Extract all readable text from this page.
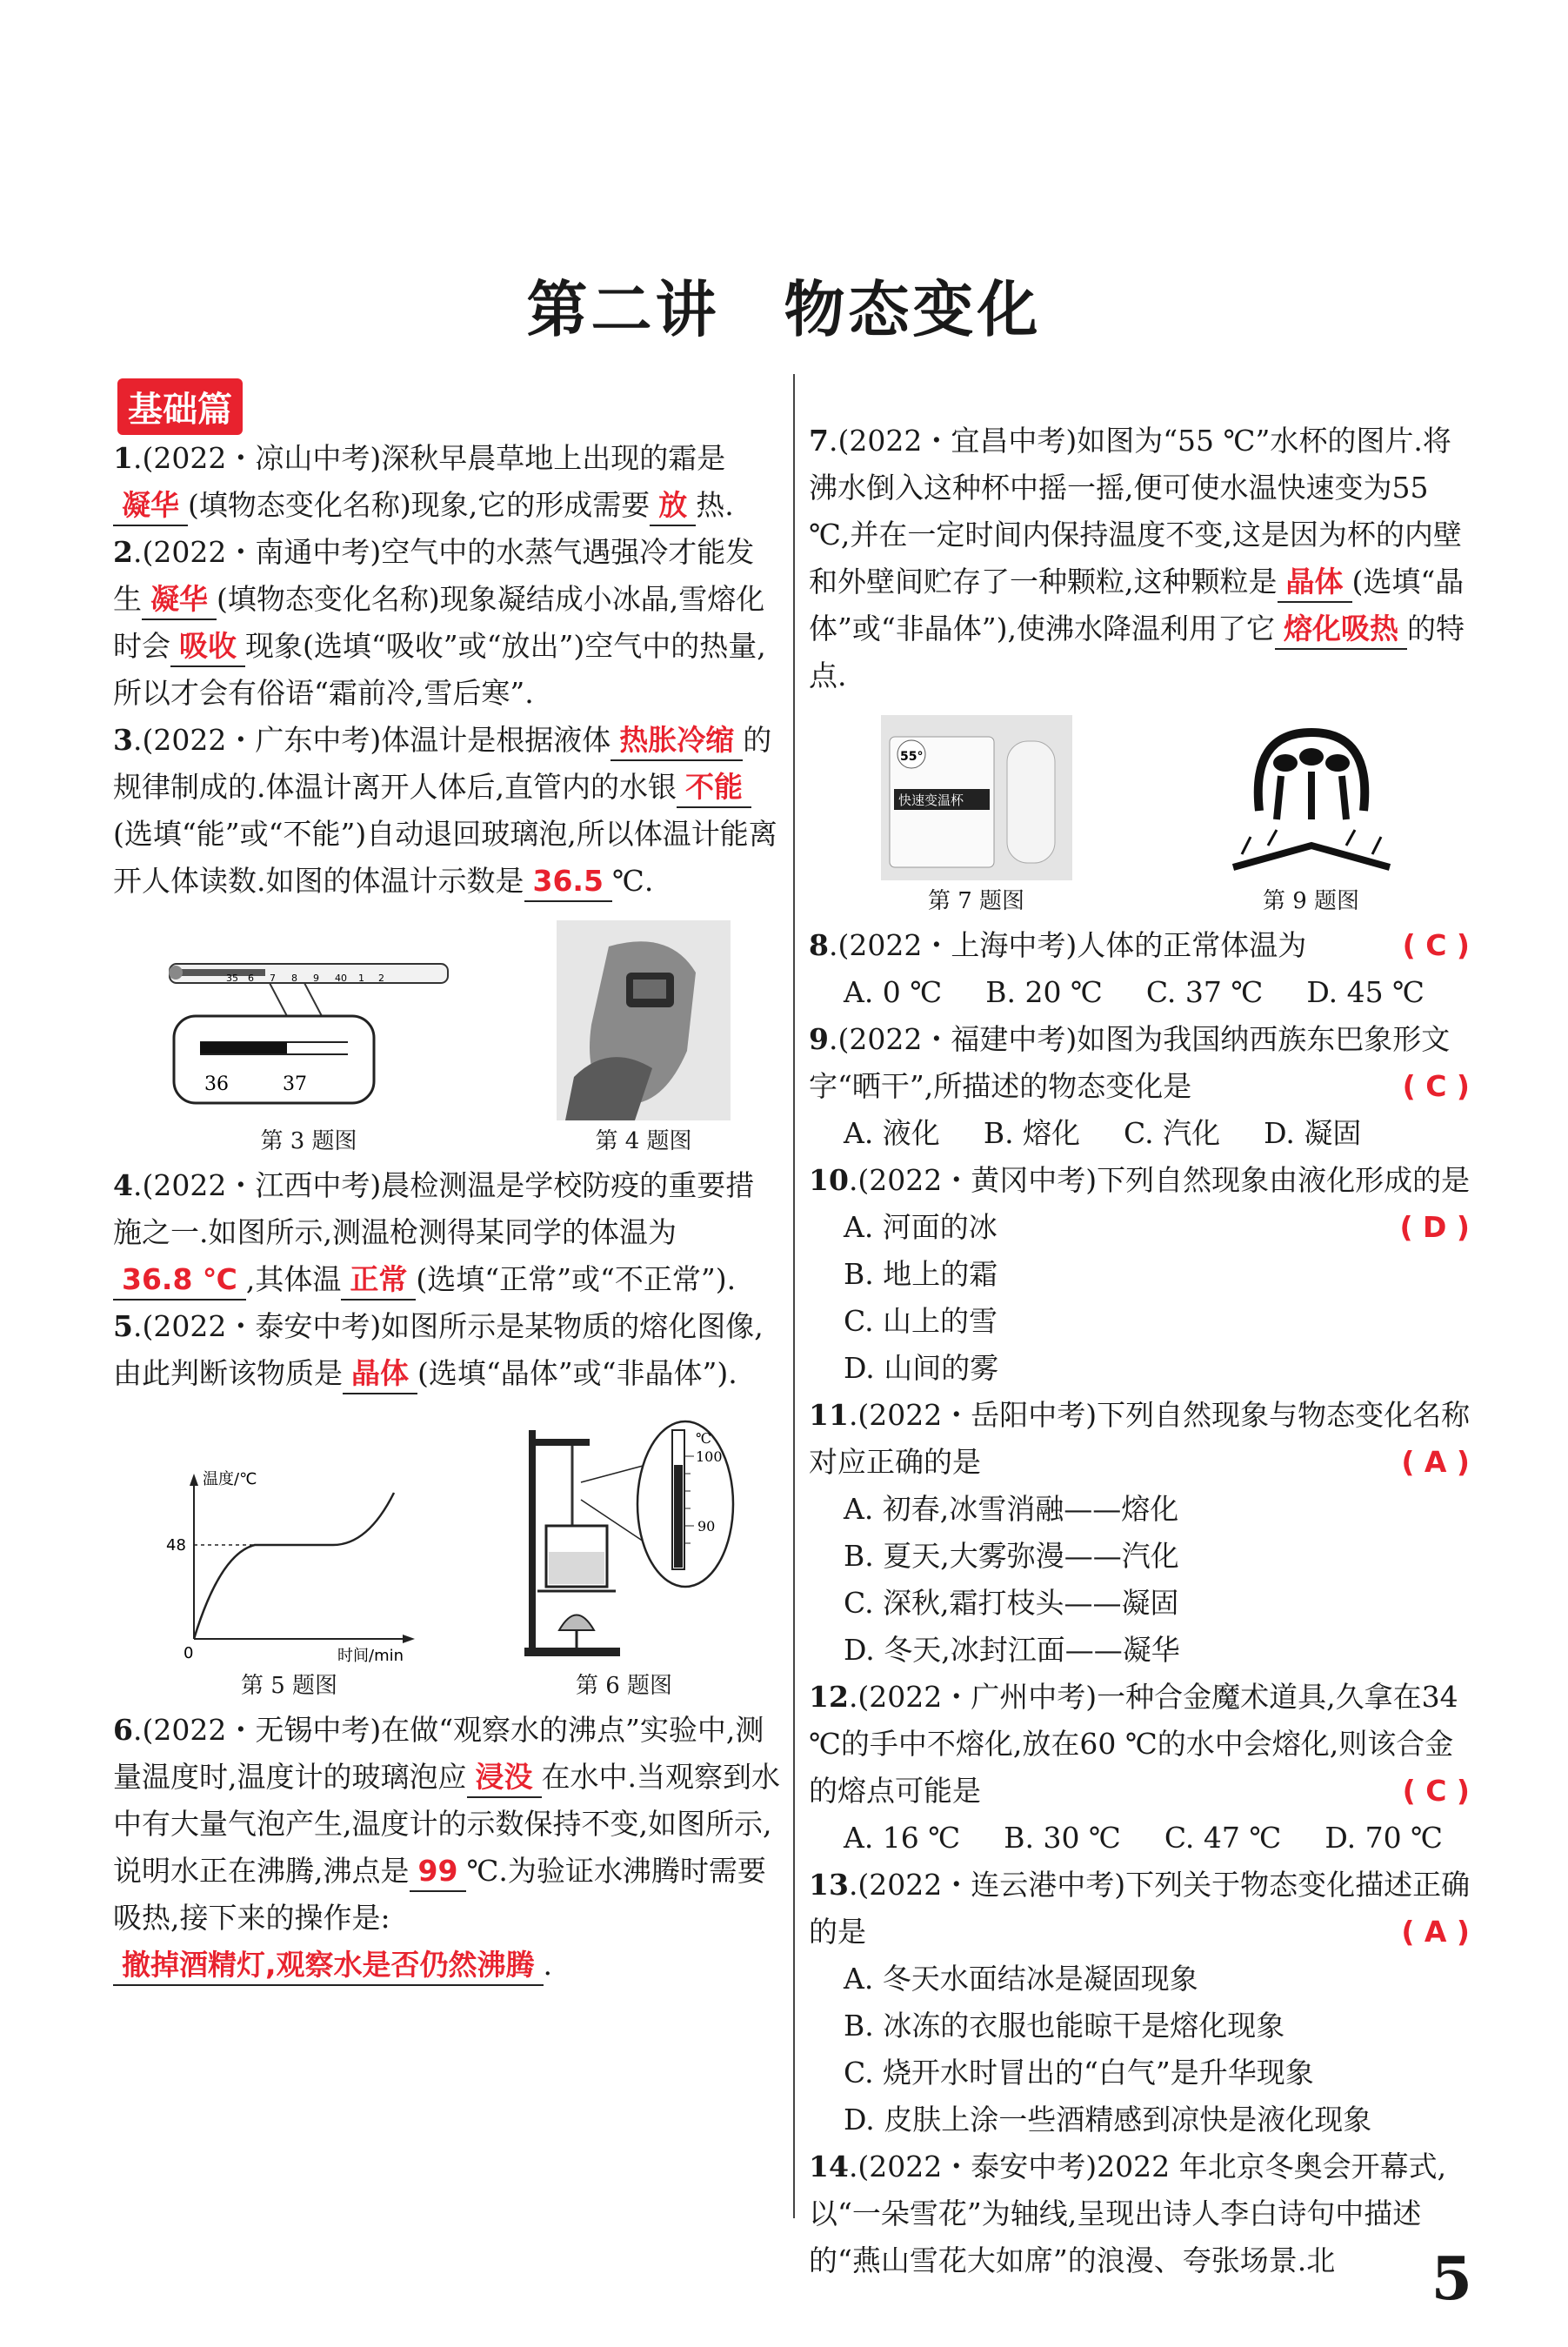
第二讲　物态变化
基础篇
1.(2022・凉山中考)深秋早晨草地上出现的霜是凝华 (填物态变化名称)现象,它的形成需要 放 热.
2.(2022・南通中考)空气中的水蒸气遇强冷才能发生 凝华 (填物态变化名称)现象凝结成小冰晶,雪熔化时会 吸收 现象(选填“吸收”或“放出”)空气中的热量,所以才会有俗语“霜前冷,雪后寒”.
3.(2022・广东中考)体温计是根据液体 热胀冷缩 的规律制成的.体温计离开人体后,直管内的水银 不能(选填“能”或“不能”)自动退回玻璃泡,所以体温计能离开人体读数.如图的体温计示数是 36.5 ℃.
35 6 7 8 9 40 1 2
36	37
第 3 题图	第 4 题图
4.(2022・江西中考)晨检测温是学校防疫的重要措施之一.如图所示,测温枪测得某同学的体温为36.8 ℃ ,其体温 正常 (选填“正常”或“不正常”).
5.(2022・泰安中考)如图所示是某物质的熔化图像,由此判断该物质是 晶体 (选填“晶体”或“非晶体”).
温度/℃
时间/min
0
48
第 5 题图
℃
100
90
第 6 题图
6.(2022・无锡中考)在做“观察水的沸点”实验中,测量温度时,温度计的玻璃泡应 浸没 在水中.当观察到水中有大量气泡产生,温度计的示数保持不变,如图所示,说明水正在沸腾,沸点是 99 ℃.为验证水沸腾时需要吸热,接下来的操作是:撤掉酒精灯,观察水是否仍然沸腾 .
7.(2022・宜昌中考)如图为“55 ℃”水杯的图片.将沸水倒入这种杯中摇一摇,便可使水温快速变为55 ℃,并在一定时间内保持温度不变,这是因为杯的内壁和外壁间贮存了一种颗粒,这种颗粒是 晶体 (选填“晶体”或“非晶体”),使沸水降温利用了它 熔化吸热 的特点.
55°
快速变温杯
第 7 题图	第 9 题图
8.(2022・上海中考)人体的正常体温为	( C )
A. 0 ℃ B. 20 ℃ C. 37 ℃ D. 45 ℃
9.(2022・福建中考)如图为我国纳西族东巴象形文字“晒干”,所描述的物态变化是	( C )
A. 液化 B. 熔化 C. 汽化 D. 凝固
10.(2022・黄冈中考)下列自然现象由液化形成的是
( D )
A. 河面的冰
B. 地上的霜
C. 山上的雪
D. 山间的雾
11.(2022・岳阳中考)下列自然现象与物态变化名称对应正确的是	( A )
A. 初春,冰雪消融——熔化
B. 夏天,大雾弥漫——汽化
C. 深秋,霜打枝头——凝固
D. 冬天,冰封江面——凝华
12.(2022・广州中考)一种合金魔术道具,久拿在34 ℃的手中不熔化,放在60 ℃的水中会熔化,则该合金的熔点可能是	( C )
A. 16 ℃ B. 30 ℃ C. 47 ℃ D. 70 ℃
13.(2022・连云港中考)下列关于物态变化描述正确的是	( A )
A. 冬天水面结冰是凝固现象
B. 冰冻的衣服也能晾干是熔化现象
C. 烧开水时冒出的“白气”是升华现象
D. 皮肤上涂一些酒精感到凉快是液化现象
14.(2022・泰安中考)2022 年北京冬奥会开幕式,以“一朵雪花”为轴线,呈现出诗人李白诗句中描述的“燕山雪花大如席”的浪漫、夸张场景.北	5
